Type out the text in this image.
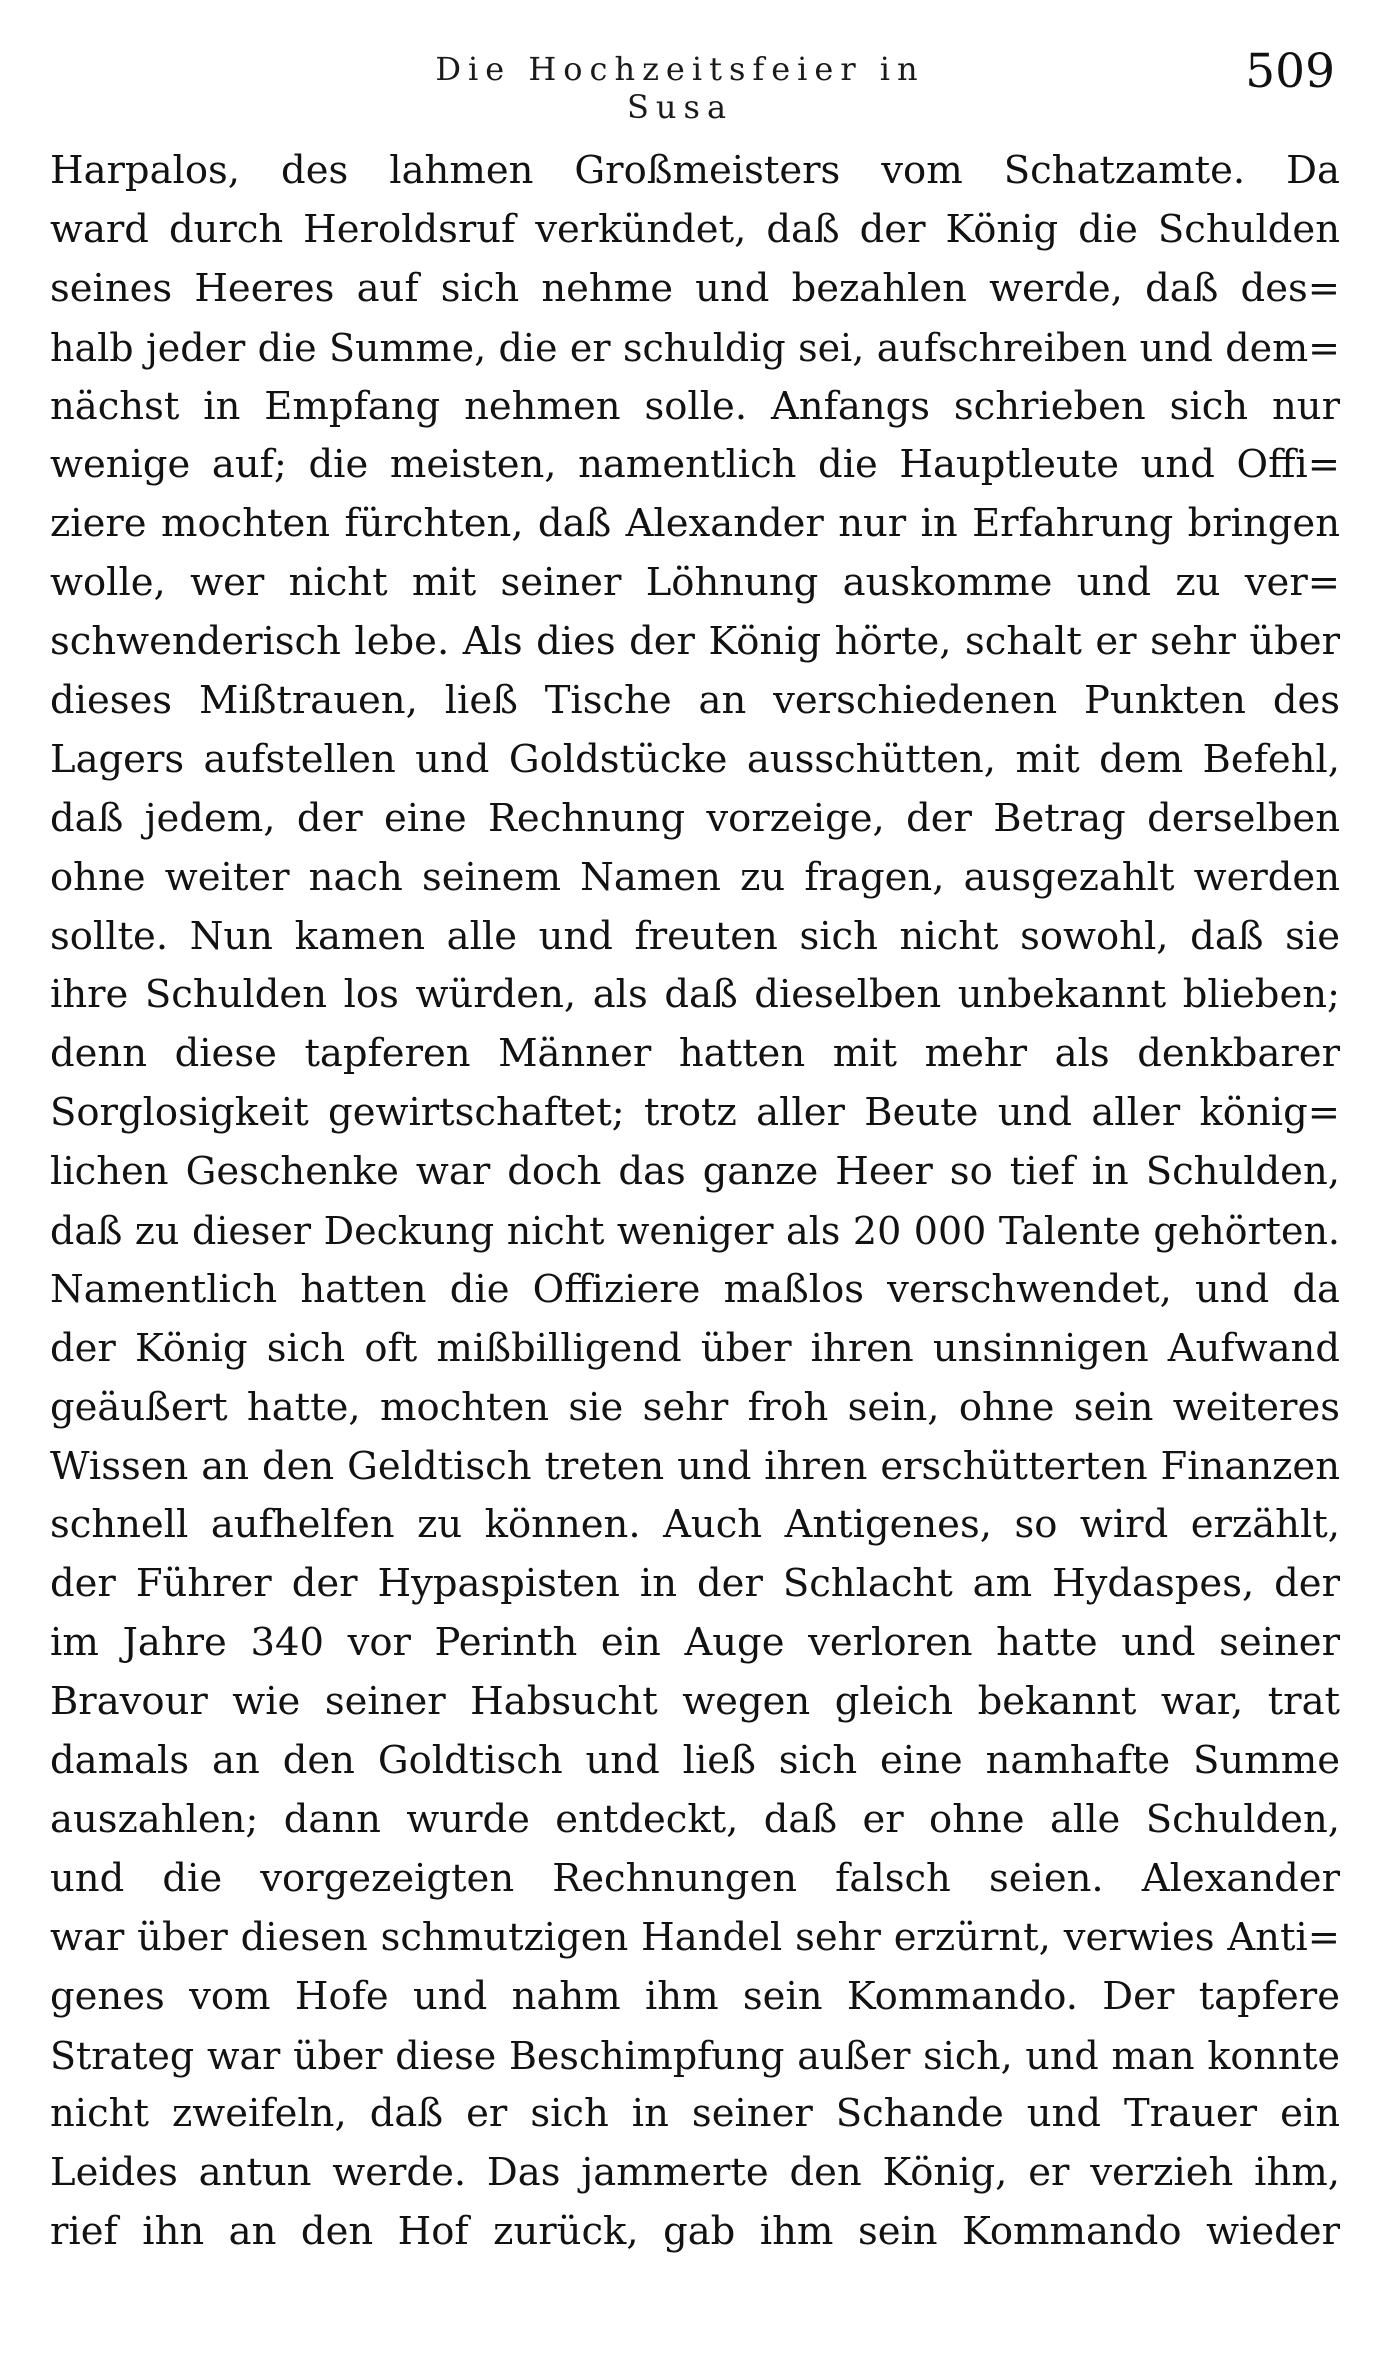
Die Hochzeitsfeier in Susa
509
Harpalos, des lahmen Großmeisters vom Schatzamte. Da
ward durch Heroldsruf verkündet, daß der König die Schulden
seines Heeres auf sich nehme und bezahlen werde, daß des=
halb jeder die Summe, die er schuldig sei, aufschreiben und dem=
nächst in Empfang nehmen solle. Anfangs schrieben sich nur
wenige auf; die meisten, namentlich die Hauptleute und Offi=
ziere mochten fürchten, daß Alexander nur in Erfahrung bringen
wolle, wer nicht mit seiner Löhnung auskomme und zu ver=
schwenderisch lebe. Als dies der König hörte, schalt er sehr über
dieses Mißtrauen, ließ Tische an verschiedenen Punkten des
Lagers aufstellen und Goldstücke ausschütten, mit dem Befehl,
daß jedem, der eine Rechnung vorzeige, der Betrag derselben
ohne weiter nach seinem Namen zu fragen, ausgezahlt werden
sollte. Nun kamen alle und freuten sich nicht sowohl, daß sie
ihre Schulden los würden, als daß dieselben unbekannt blieben;
denn diese tapferen Männer hatten mit mehr als denkbarer
Sorglosigkeit gewirtschaftet; trotz aller Beute und aller könig=
lichen Geschenke war doch das ganze Heer so tief in Schulden,
daß zu dieser Deckung nicht weniger als 20 000 Talente gehörten.
Namentlich hatten die Offiziere maßlos verschwendet, und da
der König sich oft mißbilligend über ihren unsinnigen Aufwand
geäußert hatte, mochten sie sehr froh sein, ohne sein weiteres
Wissen an den Geldtisch treten und ihren erschütterten Finanzen
schnell aufhelfen zu können. Auch Antigenes, so wird erzählt,
der Führer der Hypaspisten in der Schlacht am Hydaspes, der
im Jahre 340 vor Perinth ein Auge verloren hatte und seiner
Bravour wie seiner Habsucht wegen gleich bekannt war, trat
damals an den Goldtisch und ließ sich eine namhafte Summe
auszahlen; dann wurde entdeckt, daß er ohne alle Schulden,
und die vorgezeigten Rechnungen falsch seien. Alexander
war über diesen schmutzigen Handel sehr erzürnt, verwies Anti=
genes vom Hofe und nahm ihm sein Kommando. Der tapfere
Strateg war über diese Beschimpfung außer sich, und man konnte
nicht zweifeln, daß er sich in seiner Schande und Trauer ein
Leides antun werde. Das jammerte den König, er verzieh ihm,
rief ihn an den Hof zurück, gab ihm sein Kommando wieder
